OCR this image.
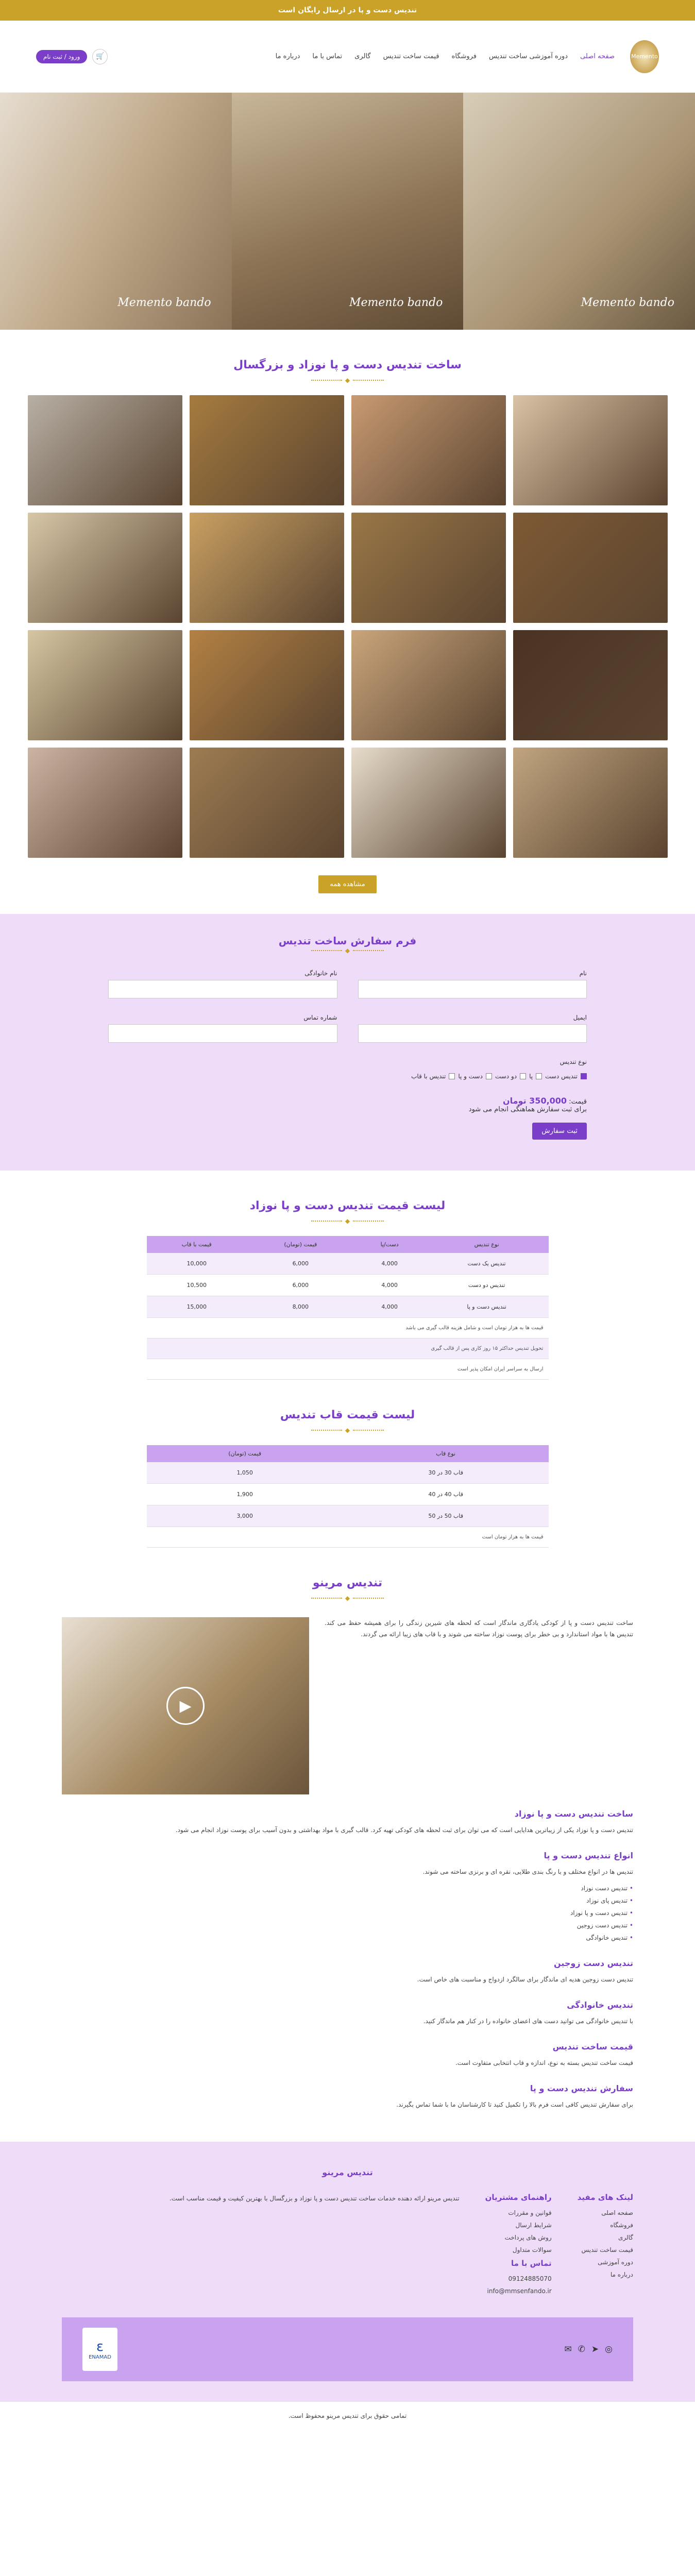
تندیس دست و پا در ارسال رایگان است
Memento
صفحه اصلی
دوره آموزشی ساخت تندیس
فروشگاه
قیمت ساخت تندیس
گالری
تماس با ما
درباره ما
🛒
ورود / ثبت نام
Memento bando
Memento bando
Memento bando
ساخت تندیس دست و پا نوزاد و بزرگسال
◆
مشاهده همه
فرم سفارش ساخت تندیس
◆
نام
نام خانوادگی
ایمیل
شماره تماس
نوع تندیس
تندیس دست
پا
دو دست
دست و پا
تندیس با قاب
قیمت: 350,000 تومان
برای ثبت سفارش هماهنگی انجام می شود
ثبت سفارش
لیست قیمت تندیس دست و پا نوزاد
◆
نوع تندیس	دست/پا	قیمت (تومان)	قیمت با قاب
تندیس یک دست	4,000	6,000	10,000
تندیس دو دست	4,000	6,000	10,500
تندیس دست و پا	4,000	8,000	15,000
قیمت ها به هزار تومان است و شامل هزینه قالب گیری می باشد			
تحویل تندیس حداکثر ۱۵ روز کاری پس از قالب گیری			
ارسال به سراسر ایران امکان پذیر است			
لیست قیمت قاب تندیس
◆
نوع قاب	قیمت (تومان)
قاب 30 در 30	1,050
قاب 40 در 40	1,900
قاب 50 در 50	3,000
قیمت ها به هزار تومان است	
تندیس مرینو
◆
ساخت تندیس دست و پا از کودکی یادگاری ماندگار است که لحظه های شیرین زندگی را برای همیشه حفظ می کند. تندیس ها با مواد استاندارد و بی خطر برای پوست نوزاد ساخته می شوند و با قاب های زیبا ارائه می گردند.
▶
ساخت تندیس دست و پا نوزاد

تندیس دست و پا نوزاد یکی از زیباترین هدایایی است که می توان برای ثبت لحظه های کودکی تهیه کرد. قالب گیری با مواد بهداشتی و بدون آسیب برای پوست نوزاد انجام می شود.

انواع تندیس دست و پا

تندیس ها در انواع مختلف و با رنگ بندی طلایی، نقره ای و برنزی ساخته می شوند.

• تندیس دست نوزاد
• تندیس پای نوزاد
• تندیس دست و پا نوزاد
• تندیس دست زوجین
• تندیس خانوادگی
تندیس دست زوجین

تندیس دست زوجین هدیه ای ماندگار برای سالگرد ازدواج و مناسبت های خاص است.

تندیس خانوادگی

با تندیس خانوادگی می توانید دست های اعضای خانواده را در کنار هم ماندگار کنید.

قیمت ساخت تندیس

قیمت ساخت تندیس بسته به نوع، اندازه و قاب انتخابی متفاوت است.

سفارش تندیس دست و پا

برای سفارش تندیس کافی است فرم بالا را تکمیل کنید تا کارشناسان ما با شما تماس بگیرند.

تندیس مرینو
لینک های مفید
صفحه اصلی
فروشگاه
گالری
قیمت ساخت تندیس
دوره آموزشی
درباره ما
راهنمای مشتریان
قوانین و مقررات
شرایط ارسال
روش های پرداخت
سوالات متداول
تماس با ما
09124885070
info@mmsenfando.ir
تندیس مرینو ارائه دهنده خدمات ساخت تندیس دست و پا نوزاد و بزرگسال با بهترین کیفیت و قیمت مناسب است.
◎
➤
✆
✉
ε
ENAMAD
تمامی حقوق برای تندیس مرینو محفوظ است.
